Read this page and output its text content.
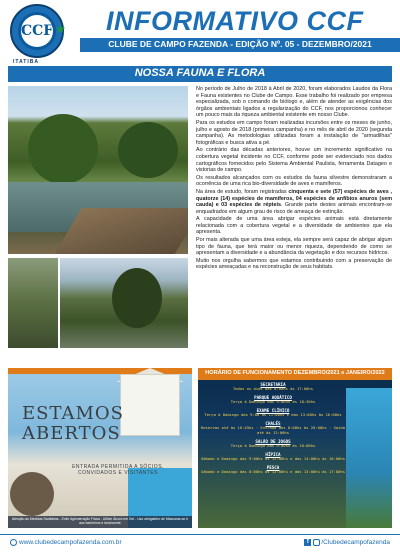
CCF ★
ITATIBA
INFORMATIVO CCF
CLUBE DE CAMPO FAZENDA - EDIÇÃO Nº. 05 - DEZEMBRO/2021
NOSSA FAUNA E FLORA

No período de Julho de 2018 à Abril de 2020, foram elaborados Laudos da Flora e Fauna existentes no Clube de Campo. Esse trabalho foi realizado por empresa especializada, sob o comando de biólogo e, além de atender as exigências dos órgãos ambientais ligados a regularização do CCF, nos proporcionou conhecer um pouco mais da riqueza ambiental existente em nosso Clube.

Para os estudos em campo foram realizadas incursões entre os meses de junho, julho e agosto de 2018 (primeira campanha) e no mês de abril de 2020 (segunda campanha). As metodologias utilizadas foram a instalação de "armadilhas" fotográficas e busca ativa a pé.

Ao contrário das décadas anteriores, houve um incremento significativo na cobertura vegetal incidente no CCF, conforme pode ser evidenciado nos dados cartográficos fornecidos pelo Sistema Ambiental Paulista, ferramenta Datageo e vistorias de campo.

Os resultados alcançados com os estudos da fauna silvestre demonstraram a ocorrência de uma rica bio-diversidade de aves e mamíferos.

Na área de estudo, foram registradas cinquenta e sete (57) espécies de aves , quatorze (14) espécies de mamíferos, 04 espécies de anfíbios anuros (sem cauda) e 03 espécies de répteis. Grande parte destes animais encontram-se enquadrados em algum grau de risco de ameaça de extinção.

A capacidade de uma área abrigar espécies animais está diretamente relacionada com a cobertura vegetal e a diversidade de ambientes que ela apresenta.

Por mais alterada que uma área esteja, ela sempre será capaz de abrigar algum tipo de fauna, que terá maior ou menor riqueza, dependendo de como se apresentam a diversidade e a abundância da vegetação e dos recursos hídricos.

Muito nos orgulha sabermos que estamos contribuindo com a preservação de espécies ameaçadas e na reconstrução de seus habitats.

ESTAMOS ABERTOS
ENTRADA PERMITIDA A SÓCIOS, CONVIDADOS E VISITANTES
Atenção as Medidas Sanitárias - Evite Aglomeração Física - Utilize Álcool em Gel - Uso obrigatório de Máscaras ao ir aos banheiros e lanchonete
HORÁRIO DE FUNCIONAMENTO DEZEMBRO/2021 e JANEIRO/2022
SECRETARIA
Todos os dias das 8:00hs às 17:00hs
PARQUE AQUÁTICO
Terça à Domingo das 9:00hs às 18:30hs
EXAME CLÍNICO
Terça à Domingo das 9:00 às 11:00hs e das 13:00hs às 16:00hs
CHALÉS
Reservas até às 16:45hs · Entrada dos 8:00hs às 20:00hs · Saída até às 12:00hs
SALÃO DE JOGOS
Terça à Domingo das 9:00hs às 18:00hs
HÍPICA
Sábado e Domingo das 9:00hs às 12:00hs e das 14:00hs às 16:00hs
PESCA
Sábado e Domingo das 8:00hs às 12:00hs e das 13:00hs às 17:00hs
www.clubedecampofazenda.com.br	f /Clubedecampofazenda
